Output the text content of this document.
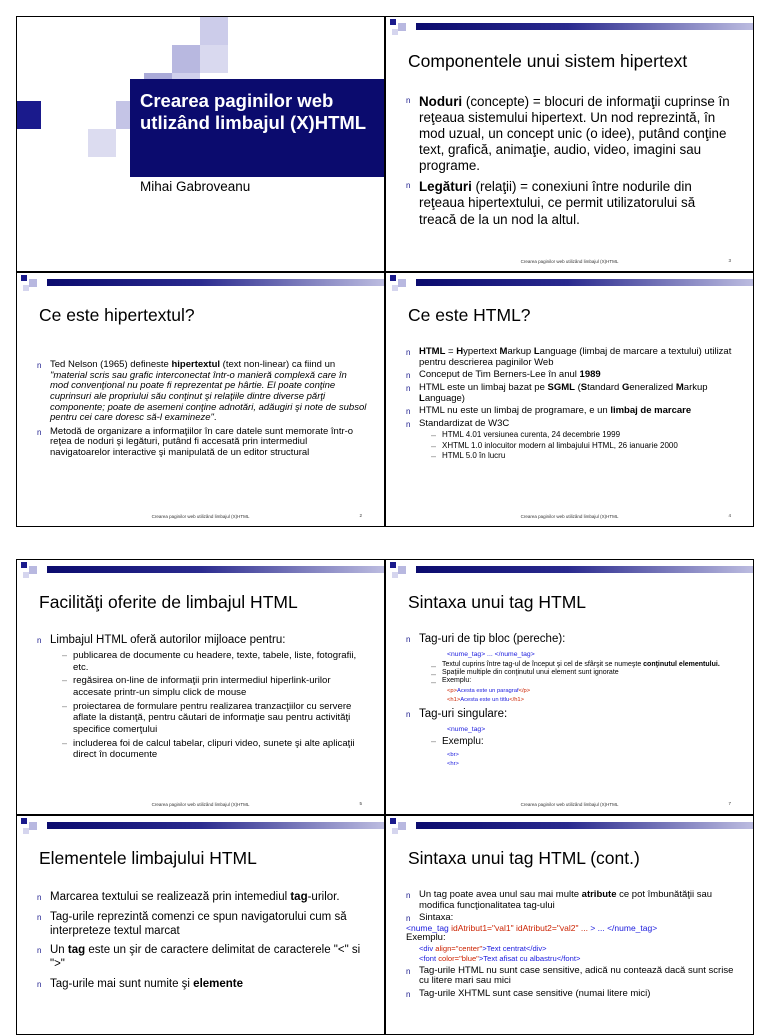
Crearea paginilor web utlizând limbajul (X)HTML
Mihai Gabroveanu
Componentele unui sistem hipertext
n Noduri (concepte) = blocuri de informaţii cuprinse în reţeaua sistemului hipertext. Un nod reprezintă, în mod uzual, un concept unic (o idee), putând conţine text, grafică, animaţie, audio, video, imagini sau programe.
n Legături (relaţii) = conexiuni între nodurile din reţeaua hipertextului, ce permit utilizatorului să treacă de la un nod la altul.
Crearea paginilor web utilizând limbajul (X)HTML	3
Ce este hipertextul?
n Ted Nelson (1965) defineste hipertextul (text non-linear) ca fiind un "material scris sau grafic interconectat într-o manieră complexă care în mod convenţional nu poate fi reprezentat pe hârtie. El poate conţine cuprinsuri ale propriului său conţinut şi relaţiile dintre diverse părţi componente; poate de asemeni conţine adnotări, adăugiri şi note de subsol pentru cei care doresc să-l examineze".
n Metodă de organizare a informaţiilor în care datele sunt memorate într-o reţea de noduri şi legături, putând fi accesată prin intermediul navigatoarelor interactive şi manipulată de un editor structural
Crearea paginilor web utilizând limbajul (X)HTML	2
Ce este HTML?
n HTML = Hypertext Markup Language (limbaj de marcare a textului) utilizat pentru descrierea paginilor Web
n Conceput de Tim Berners-Lee în anul 1989
n HTML este un limbaj bazat pe SGML (Standard Generalized Markup Language)
n HTML nu este un limbaj de programare, e un limbaj de marcare
n Standardizat de W3C
– HTML 4.01 versiunea curenta, 24 decembrie 1999
– XHTML 1.0 inlocuitor modern al limbajului HTML, 26 ianuarie 2000
– HTML 5.0 în lucru
Crearea paginilor web utilizând limbajul (X)HTML	4
Facilităţi oferite de limbajul HTML
n Limbajul HTML oferă autorilor mijloace pentru:
– publicarea de documente cu headere, texte, tabele, liste, fotografii, etc.
– regăsirea on-line de informaţii prin intermediul hiperlink-urilor accesate printr-un simplu click de mouse
– proiectarea de formulare pentru realizarea tranzacţiilor cu servere aflate la distanţă, pentru căutari de informaţie sau pentru activităţi specifice comerţului
– includerea foi de calcul tabelar, clipuri video, sunete şi alte aplicaţii direct în documente
Crearea paginilor web utilizând limbajul (X)HTML	5
Sintaxa unui tag HTML
n Tag-uri de tip bloc (pereche):
<nume_tag> ... </nume_tag>
– Textul cuprins între tag-ul de început şi cel de sfârşit se numeşte conţinutul elementului.
– Spaţiile multiple din conţinutul unui element sunt ignorate
– Exemplu:
<p>Acesta este un paragraf</p>
<h1>Acesta este un titlu</h1>
n Tag-uri singulare:
<nume_tag>
– Exemplu:
<br>
<hr>
Crearea paginilor web utilizând limbajul (X)HTML	7
Elementele limbajului HTML
n Marcarea textului se realizează prin intemediul tag-urilor.
n Tag-urile reprezintă comenzi ce spun navigatorului cum să interpreteze textul marcat
n Un tag este un şir de caractere delimitat de caracterele "<" si ">"
n Tag-urile mai sunt numite şi elemente
Sintaxa unui tag HTML (cont.)
n Un tag poate avea unul sau mai multe atribute ce pot îmbunătăţii sau modifica funcţionalitatea tag-ului
n Sintaxa:
<nume_tag idAtribut1="val1" idAtribut2="val2" ... > ... </nume_tag>
Exemplu:
<div align="center">Text centrat</div>
<font color="blue">Text afisat cu albastru</font>
n Tag-urile HTML nu sunt case sensitive, adică nu contează dacă sunt scrise cu litere mari sau mici
n Tag-urile XHTML sunt case sensitive (numai litere mici)
